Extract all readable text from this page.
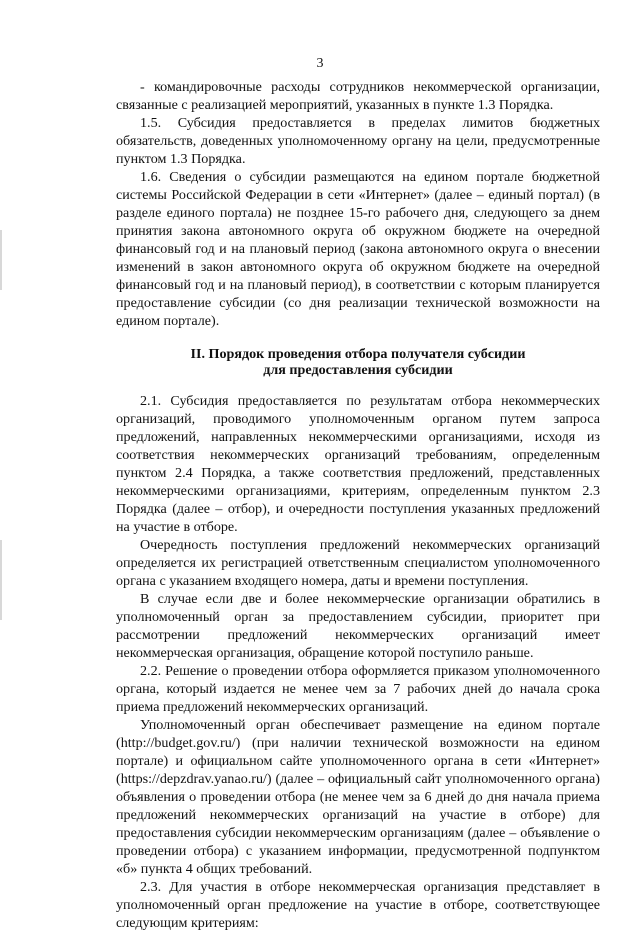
3

- командировочные расходы сотрудников некоммерческой организации, связанные с реализацией мероприятий, указанных в пункте 1.3 Порядка.

1.5. Субсидия предоставляется в пределах лимитов бюджетных обязательств, доведенных уполномоченному органу на цели, предусмотренные пунктом 1.3 Порядка.

1.6. Сведения о субсидии размещаются на едином портале бюджетной системы Российской Федерации в сети «Интернет» (далее – единый портал) (в разделе единого портала) не позднее 15-го рабочего дня, следующего за днем принятия закона автономного округа об окружном бюджете на очередной финансовый год и на плановый период (закона автономного округа о внесении изменений в закон автономного округа об окружном бюджете на очередной финансовый год и на плановый период), в соответствии с которым планируется предоставление субсидии (со дня реализации технической возможности на едином портале).

II. Порядок проведения отбора получателя субсидии
для предоставления субсидии

2.1. Субсидия предоставляется по результатам отбора некоммерческих организаций, проводимого уполномоченным органом путем запроса предложений, направленных некоммерческими организациями, исходя из соответствия некоммерческих организаций требованиям, определенным пунктом 2.4 Порядка, а также соответствия предложений, представленных некоммерческими организациями, критериям, определенным пунктом 2.3 Порядка (далее – отбор), и очередности поступления указанных предложений на участие в отборе.

Очередность поступления предложений некоммерческих организаций определяется их регистрацией ответственным специалистом уполномоченного органа с указанием входящего номера, даты и времени поступления.

В случае если две и более некоммерческие организации обратились в уполномоченный орган за предоставлением субсидии, приоритет при рассмотрении предложений некоммерческих организаций имеет некоммерческая организация, обращение которой поступило раньше.

2.2. Решение о проведении отбора оформляется приказом уполномоченного органа, который издается не менее чем за 7 рабочих дней до начала срока приема предложений некоммерческих организаций.

Уполномоченный орган обеспечивает размещение на едином портале (http://budget.gov.ru/) (при наличии технической возможности на едином портале) и официальном сайте уполномоченного органа в сети «Интернет» (https://depzdrav.yanao.ru/) (далее – официальный сайт уполномоченного органа) объявления о проведении отбора (не менее чем за 6 дней до дня начала приема предложений некоммерческих организаций на участие в отборе) для предоставления субсидии некоммерческим организациям (далее – объявление о проведении отбора) с указанием информации, предусмотренной подпунктом «б» пункта 4 общих требований.

2.3. Для участия в отборе некоммерческая организация представляет в уполномоченный орган предложение на участие в отборе, соответствующее следующим критериям:
